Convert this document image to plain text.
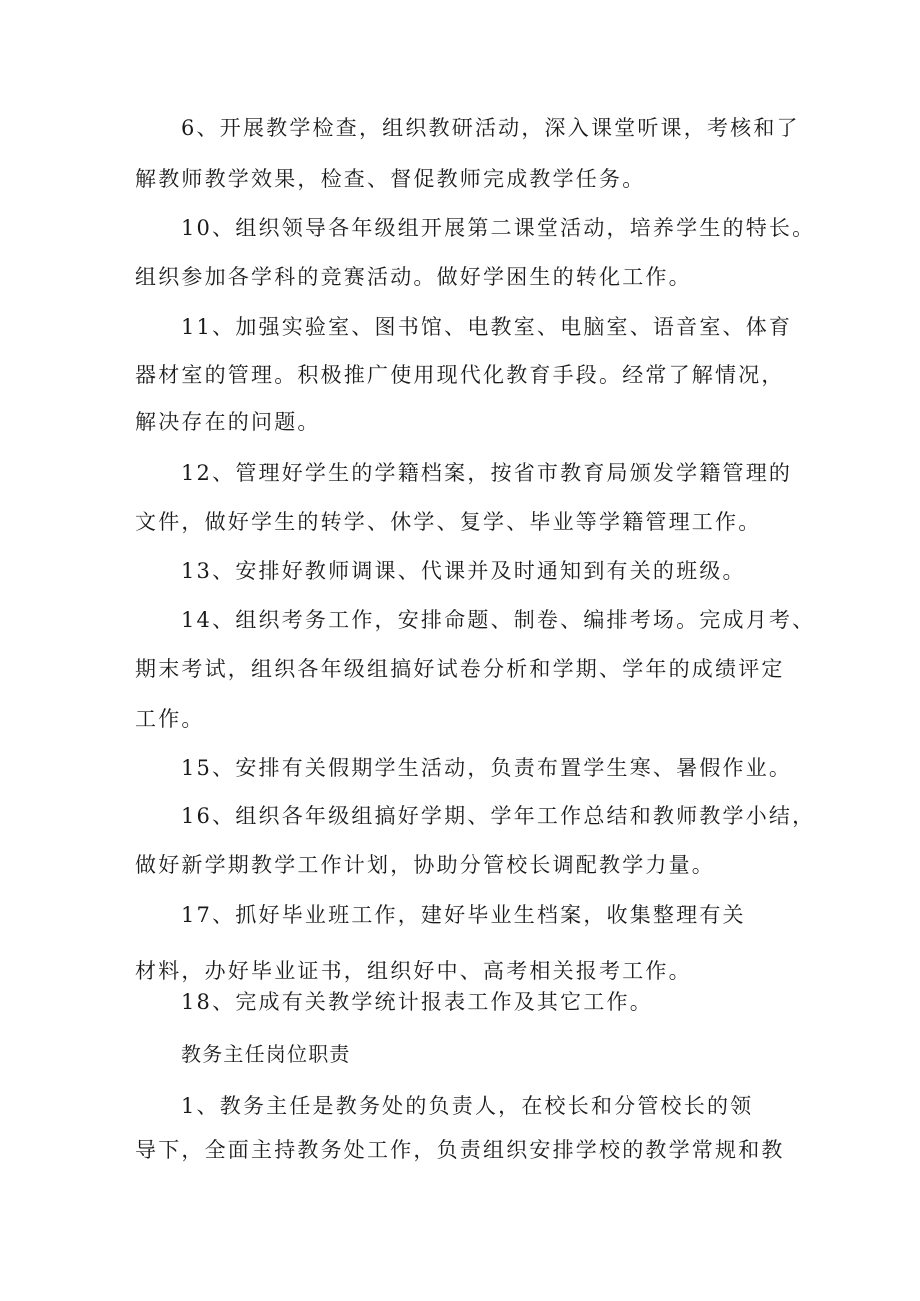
6、开展教学检查，组织教研活动，深入课堂听课，考核和了
解教师教学效果，检查、督促教师完成教学任务。
10、组织领导各年级组开展第二课堂活动，培养学生的特长。
组织参加各学科的竞赛活动。做好学困生的转化工作。
11、加强实验室、图书馆、电教室、电脑室、语音室、体育
器材室的管理。积极推广使用现代化教育手段。经常了解情况，
解决存在的问题。
12、管理好学生的学籍档案，按省市教育局颁发学籍管理的
文件，做好学生的转学、休学、复学、毕业等学籍管理工作。
13、安排好教师调课、代课并及时通知到有关的班级。
14、组织考务工作，安排命题、制卷、编排考场。完成月考、
期末考试，组织各年级组搞好试卷分析和学期、学年的成绩评定
工作。
15、安排有关假期学生活动，负责布置学生寒、暑假作业。
16、组织各年级组搞好学期、学年工作总结和教师教学小结，
做好新学期教学工作计划，协助分管校长调配教学力量。
17、抓好毕业班工作，建好毕业生档案，收集整理有关
材料，办好毕业证书，组织好中、高考相关报考工作。
18、完成有关教学统计报表工作及其它工作。
教务主任岗位职责
1、教务主任是教务处的负责人，在校长和分管校长的领
导下，全面主持教务处工作，负责组织安排学校的教学常规和教
